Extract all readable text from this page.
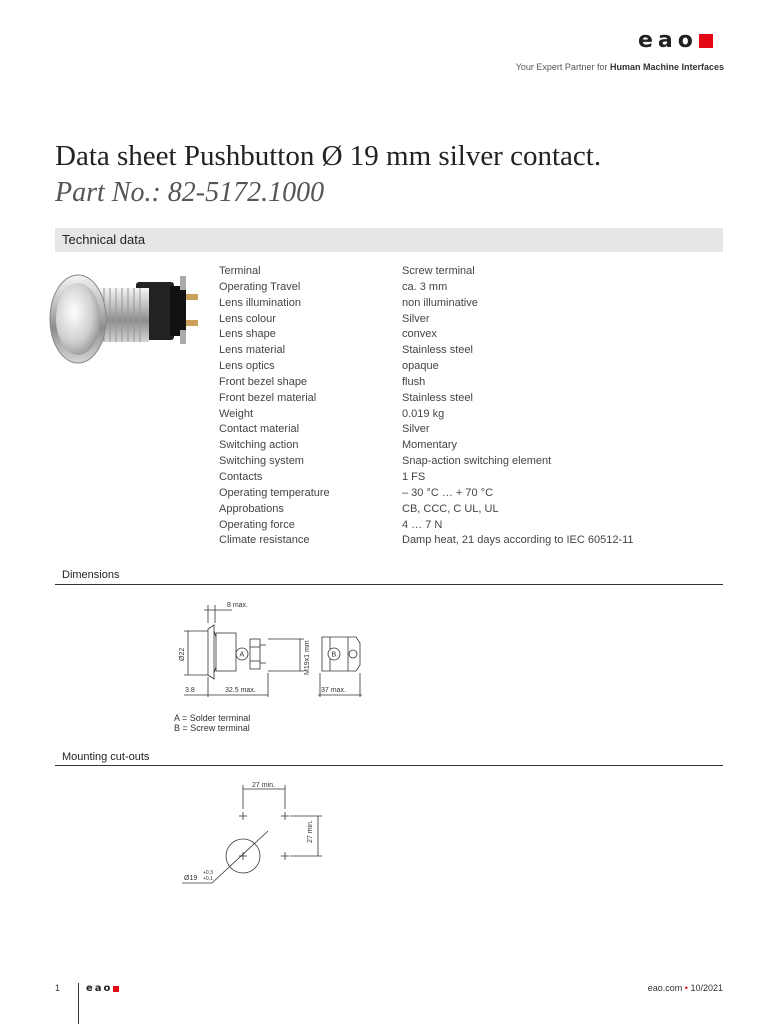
eao
Your Expert Partner for Human Machine Interfaces
Data sheet Pushbutton Ø 19 mm silver contact.
Part No.: 82-5172.1000
Technical data
Terminal	Screw terminal
Operating Travel	ca. 3 mm
Lens illumination	non illuminative
Lens colour	Silver
Lens shape	convex
Lens material	Stainless steel
Lens optics	opaque
Front bezel shape	flush
Front bezel material	Stainless steel
Weight	0.019 kg
Contact material	Silver
Switching action	Momentary
Switching system	Snap-action switching element
Contacts	1 FS
Operating temperature	– 30 °C … + 70 °C
Approbations	CB, CCC, C UL, UL
Operating force	4 … 7 N
Climate resistance	Damp heat, 21 days according to IEC 60512-11
Dimensions
8 max.
A
Ø22	M19x1 mm
3.8	32.5 max.
B
37 max.
A = Solder terminal
B = Screw terminal
Mounting cut-outs
27 min.
27 min.
Ø19
+0.3
+0.1
1	eao	eao.com • 10/2021
